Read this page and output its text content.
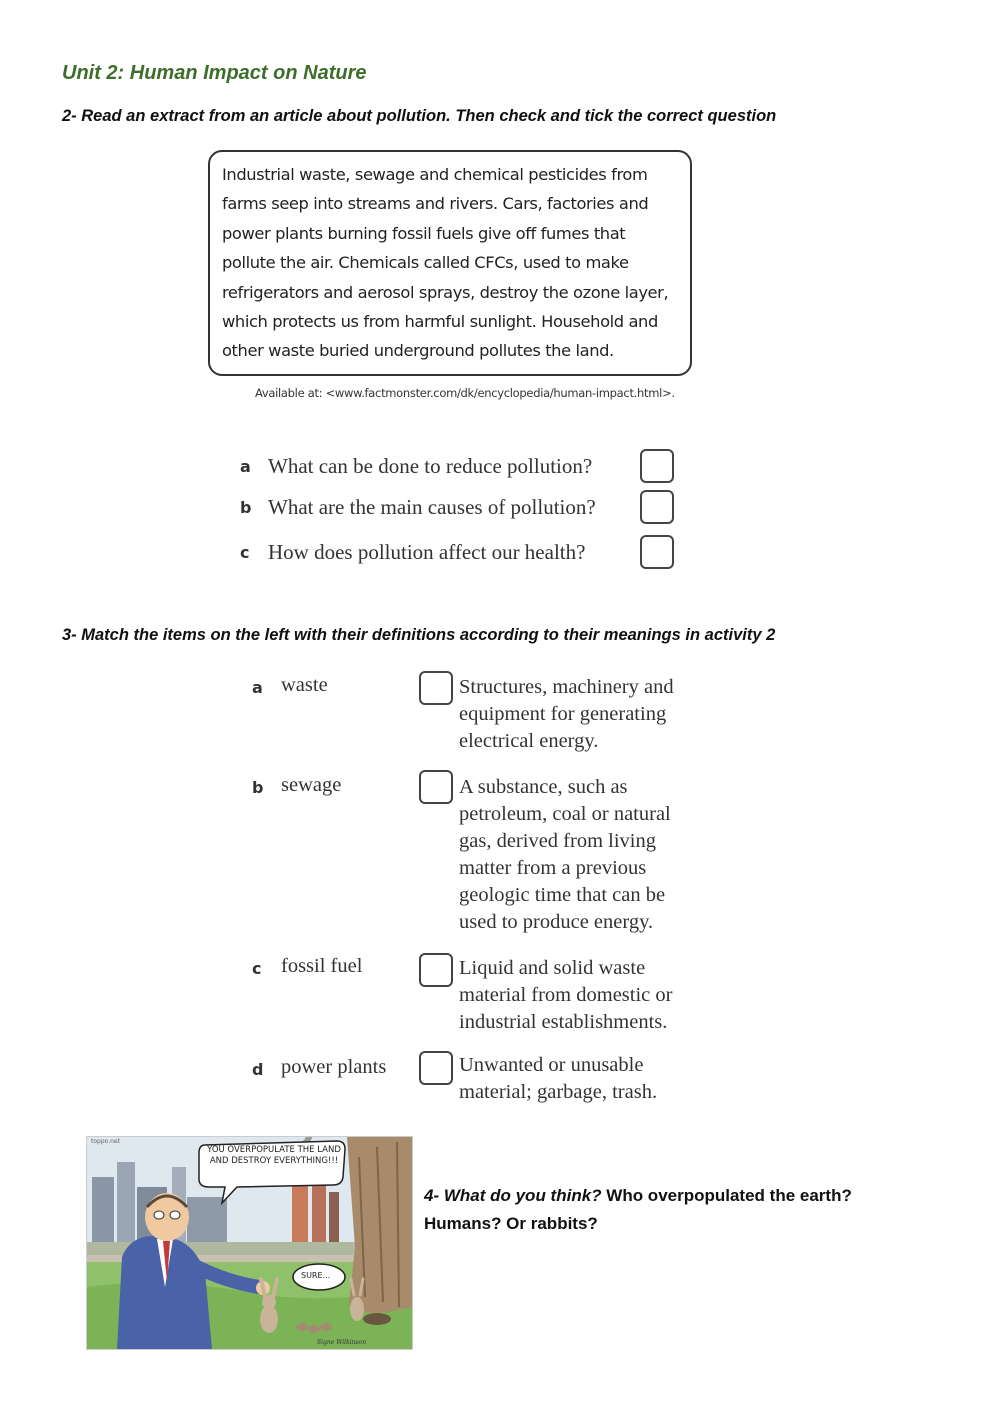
Unit 2: Human Impact on Nature
2- Read an extract from an article about pollution. Then check and tick the correct question
Industrial waste, sewage and chemical pesticides from
farms seep into streams and rivers. Cars, factories and
power plants burning fossil fuels give off fumes that
pollute the air. Chemicals called CFCs, used to make
refrigerators and aerosol sprays, destroy the ozone layer,
which protects us from harmful sunlight. Household and
other waste buried underground pollutes the land.
Available at: <www.factmonster.com/dk/encyclopedia/human-impact.html>.
a What can be done to reduce pollution?
b What are the main causes of pollution?
c How does pollution affect our health?
3- Match the items on the left with their definitions according to their meanings in activity 2
a waste	Structures, machinery and equipment for generating electrical energy.
b sewage	A substance, such as petroleum, coal or natural gas, derived from living matter from a previous geologic time that can be used to produce energy.
c fossil fuel	Liquid and solid waste material from domestic or industrial establishments.
d power plants	Unwanted or unusable material; garbage, trash.
YOU OVERPOPULATE THE LAND AND DESTROY EVERYTHING!!!
SURE...
toppo.net
Signe Wilkinson
4- What do you think? Who overpopulated the earth? Humans? Or rabbits?
